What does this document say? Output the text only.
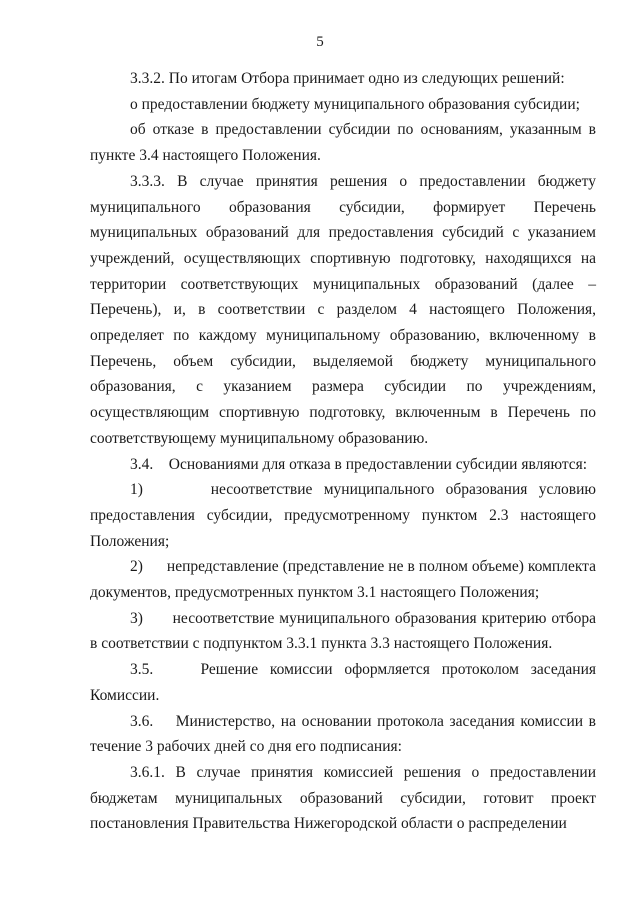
5

3.3.2. По итогам Отбора принимает одно из следующих решений:

о предоставлении бюджету муниципального образования субсидии;

об отказе в предоставлении субсидии по основаниям, указанным в пункте 3.4 настоящего Положения.

3.3.3. В случае принятия решения о предоставлении бюджету муниципального образования субсидии, формирует Перечень муниципальных образований для предоставления субсидий с указанием учреждений, осуществляющих спортивную подготовку, находящихся на территории соответствующих муниципальных образований (далее – Перечень), и, в соответствии с разделом 4 настоящего Положения, определяет по каждому муниципальному образованию, включенному в Перечень, объем субсидии, выделяемой бюджету муниципального образования, с указанием размера субсидии по учреждениям, осуществляющим спортивную подготовку, включенным в Перечень по соответствующему муниципальному образованию.

3.4.    Основаниями для отказа в предоставлении субсидии являются:

1)      несоответствие муниципального образования условию предоставления субсидии, предусмотренному пунктом 2.3 настоящего Положения;

2)      непредставление (представление не в полном объеме) комплекта документов, предусмотренных пунктом 3.1 настоящего Положения;

3)      несоответствие муниципального образования критерию отбора в соответствии с подпунктом 3.3.1 пункта 3.3 настоящего Положения.

3.5.    Решение комиссии оформляется протоколом заседания Комиссии.

3.6.    Министерство, на основании протокола заседания комиссии в течение 3 рабочих дней со дня его подписания:

3.6.1. В случае принятия комиссией решения о предоставлении бюджетам муниципальных образований субсидии, готовит проект постановления Правительства Нижегородской области о распределении
